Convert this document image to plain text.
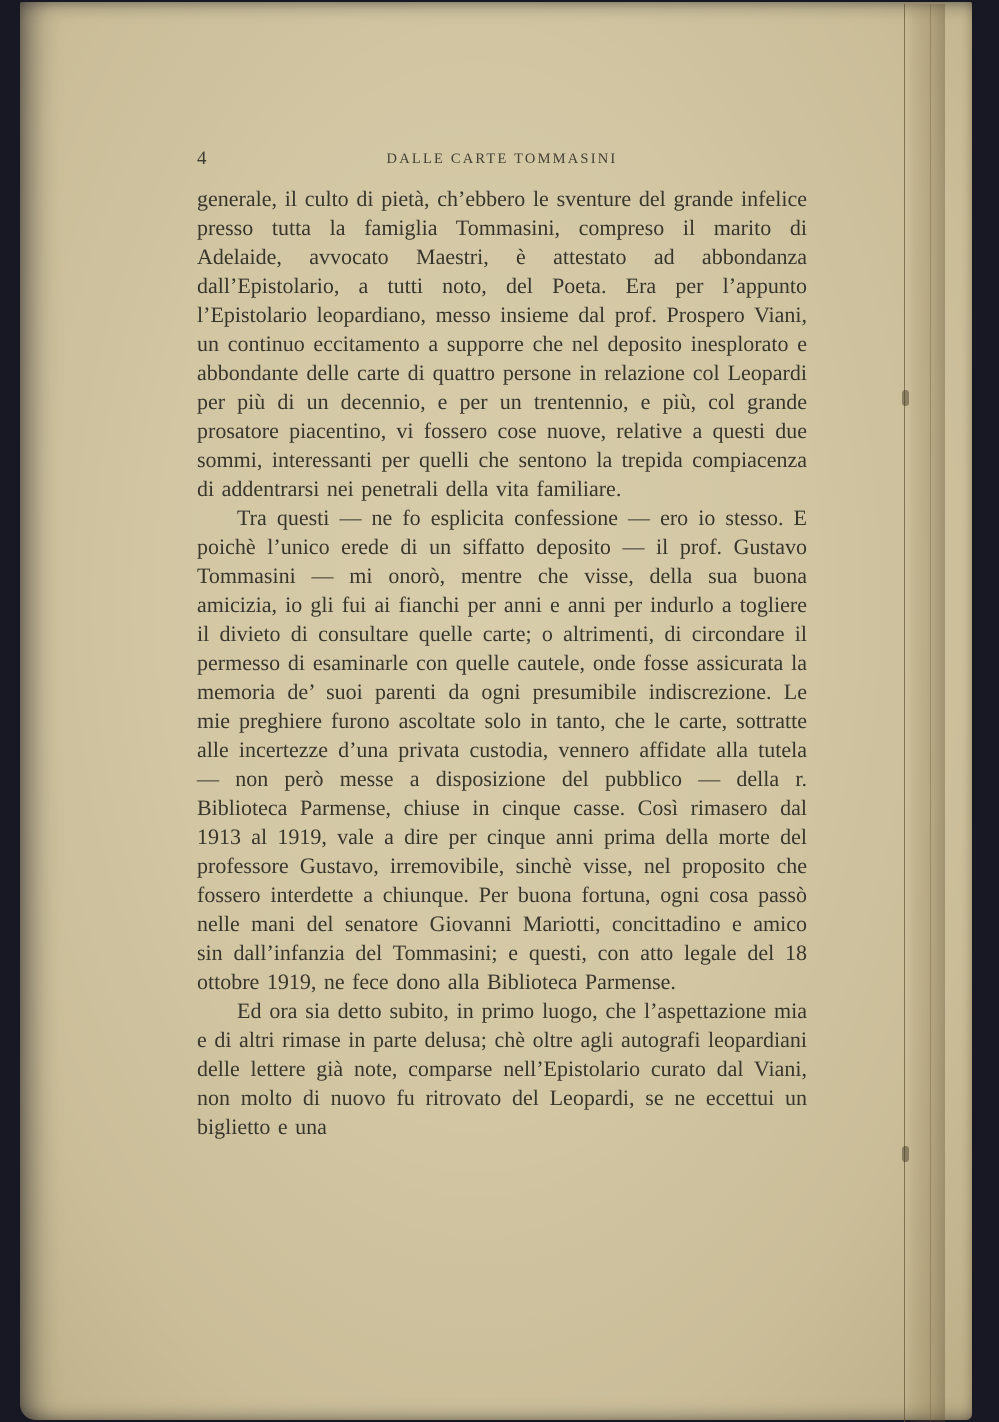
4	DALLE CARTE TOMMASINI

generale, il culto di pietà, ch’ebbero le sventure del grande infelice presso tutta la famiglia Tommasini, compreso il marito di Adelaide, avvocato Maestri, è attestato ad abbondanza dall’Epistolario, a tutti noto, del Poeta. Era per l’appunto l’Epistolario leopardiano, messo insieme dal prof. Prospero Viani, un continuo eccitamento a supporre che nel deposito inesplorato e abbondante delle carte di quattro persone in relazione col Leopardi per più di un decennio, e per un trentennio, e più, col grande prosatore piacentino, vi fossero cose nuove, relative a questi due sommi, interessanti per quelli che sentono la trepida compiacenza di addentrarsi nei penetrali della vita familiare.

Tra questi — ne fo esplicita confessione — ero io stesso. E poichè l’unico erede di un siffatto deposito — il prof. Gustavo Tommasini — mi onorò, mentre che visse, della sua buona amicizia, io gli fui ai fianchi per anni e anni per indurlo a togliere il divieto di consultare quelle carte; o altrimenti, di circondare il permesso di esaminarle con quelle cautele, onde fosse assicurata la memoria de’ suoi parenti da ogni presumibile indiscrezione. Le mie preghiere furono ascoltate solo in tanto, che le carte, sottratte alle incertezze d’una privata custodia, vennero affidate alla tutela — non però messe a disposizione del pubblico — della r. Biblioteca Parmense, chiuse in cinque casse. Così rimasero dal 1913 al 1919, vale a dire per cinque anni prima della morte del professore Gustavo, irremovibile, sinchè visse, nel proposito che fossero interdette a chiunque. Per buona fortuna, ogni cosa passò nelle mani del senatore Giovanni Mariotti, concittadino e amico sin dall’infanzia del Tommasini; e questi, con atto legale del 18 ottobre 1919, ne fece dono alla Biblioteca Parmense.

Ed ora sia detto subito, in primo luogo, che l’aspettazione mia e di altri rimase in parte delusa; chè oltre agli autografi leopardiani delle lettere già note, comparse nell’Epistolario curato dal Viani, non molto di nuovo fu ritrovato del Leopardi, se ne eccettui un biglietto e una
